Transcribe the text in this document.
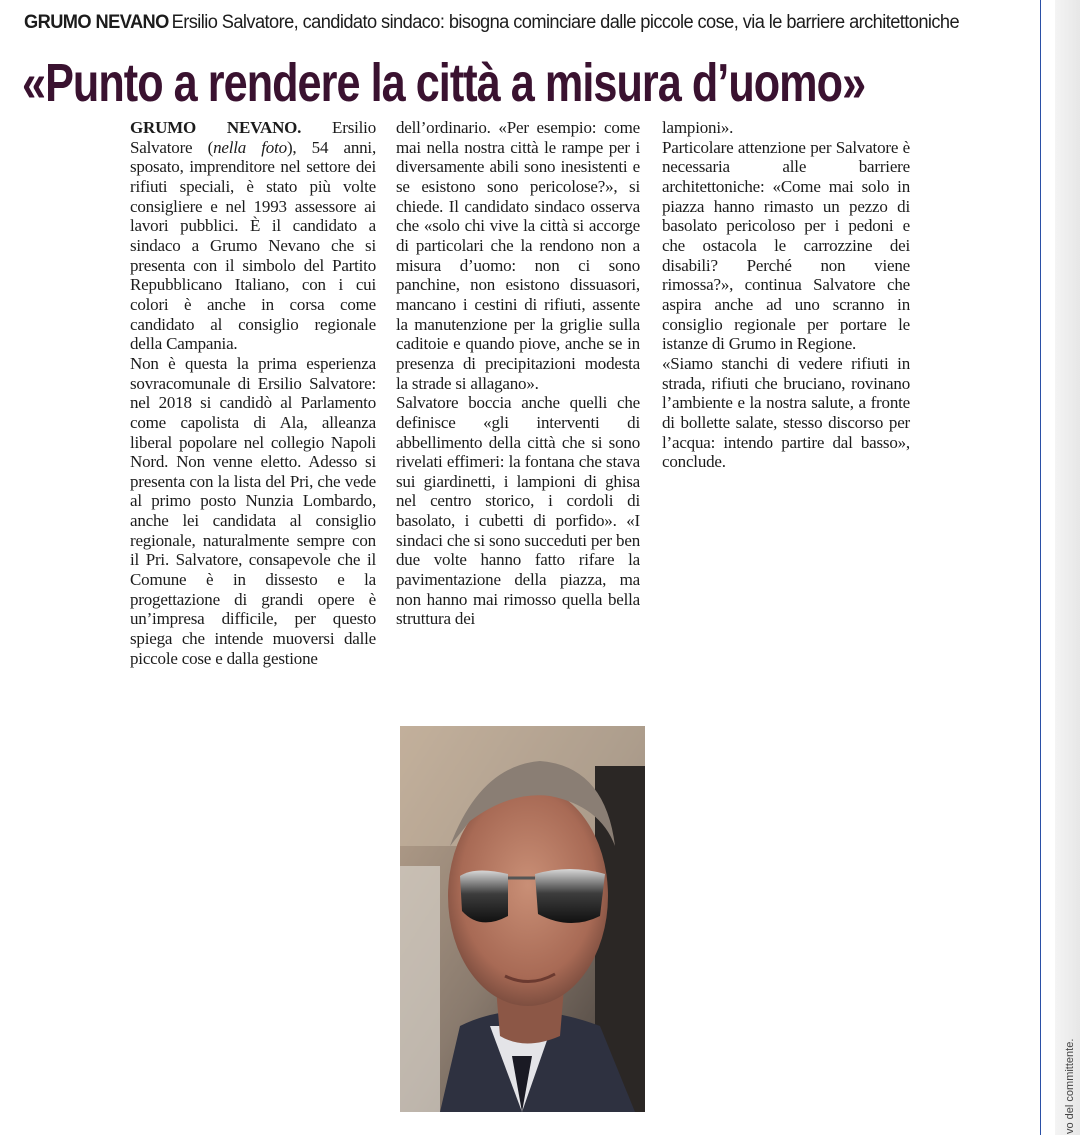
GRUMO NEVANO Ersilio Salvatore, candidato sindaco: bisogna cominciare dalle piccole cose, via le barriere architettoniche
«Punto a rendere la città a misura d’uomo»

GRUMO NEVANO. Ersilio Salvatore (nella foto), 54 anni, sposato, imprenditore nel settore dei rifiuti speciali, è stato più volte consigliere e nel 1993 assessore ai lavori pubblici. È il candidato a sindaco a Grumo Nevano che si presenta con il simbolo del Partito Repubblicano Italiano, con i cui colori è anche in corsa come candidato al consiglio regionale della Campania.

Non è questa la prima esperienza sovracomunale di Ersilio Salvatore: nel 2018 si candidò al Parlamento come capolista di Ala, alleanza liberal popolare nel collegio Napoli Nord. Non venne eletto. Adesso si presenta con la lista del Pri, che vede al primo posto Nunzia Lombardo, anche lei candidata al consiglio regionale, naturalmente sempre con il Pri. Salvatore, consapevole che il Comune è in dissesto e la progettazione di grandi opere è un’impresa difficile, per questo spiega che intende muoversi dalle piccole cose e dalla gestione

dell’ordinario. «Per esempio: come mai nella nostra città le rampe per i diversamente abili sono inesistenti e se esistono sono pericolose?», si chiede. Il candidato sindaco osserva che «solo chi vive la città si accorge di particolari che la rendono non a misura d’uomo: non ci sono panchine, non esistono dissuasori, mancano i cestini di rifiuti, assente la manutenzione per la griglie sulla caditoie e quando piove, anche se in presenza di precipitazioni modesta la strade si allagano».

Salvatore boccia anche quelli che definisce «gli interventi di abbellimento della città che si sono rivelati effimeri: la fontana che stava sui giardinetti, i lampioni di ghisa nel centro storico, i cordoli di basolato, i cubetti di porfido». «I sindaci che si sono succeduti per ben due volte hanno fatto rifare la pavimentazione della piazza, ma non hanno mai rimosso quella bella struttura dei

lampioni».

Particolare attenzione per Salvatore è necessaria alle barriere architettoniche: «Come mai solo in piazza hanno rimasto un pezzo di basolato pericoloso per i pedoni e che ostacola le carrozzine dei disabili? Perché non viene rimossa?», continua Salvatore che aspira anche ad uno scranno in consiglio regionale per portare le istanze di Grumo in Regione.

«Siamo stanchi di vedere rifiuti in strada, rifiuti che bruciano, rovinano l’ambiente e la nostra salute, a fronte di bollette salate, stesso discorso per l’acqua: intendo partire dal basso», conclude.

vo del committente.
